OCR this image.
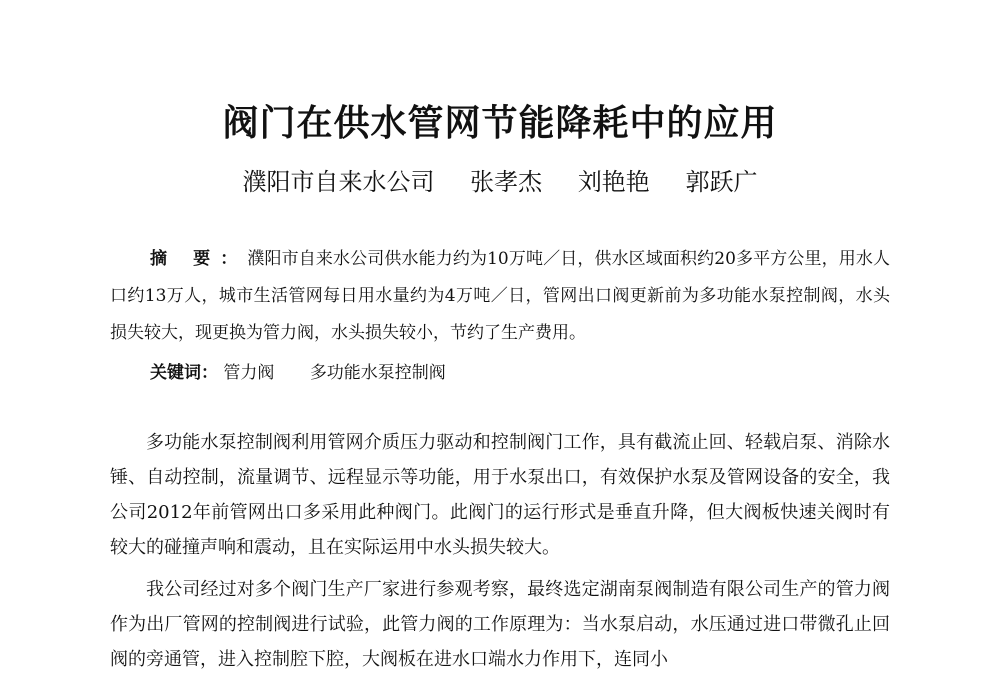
阀门在供水管网节能降耗中的应用
濮阳市自来水公司 张孝杰 刘艳艳 郭跃广
摘 要：濮阳市自来水公司供水能力约为10万吨／日，供水区域面积约20多平方公里，用水人口约13万人，城市生活管网每日用水量约为4万吨／日，管网出口阀更新前为多功能水泵控制阀，水头损失较大，现更换为管力阀，水头损失较小，节约了生产费用。
关键词： 管力阀 多功能水泵控制阀

多功能水泵控制阀利用管网介质压力驱动和控制阀门工作，具有截流止回、轻载启泵、消除水锤、自动控制，流量调节、远程显示等功能，用于水泵出口，有效保护水泵及管网设备的安全，我公司2012年前管网出口多采用此种阀门。此阀门的运行形式是垂直升降，但大阀板快速关阀时有较大的碰撞声响和震动，且在实际运用中水头损失较大。

我公司经过对多个阀门生产厂家进行参观考察，最终选定湖南泵阀制造有限公司生产的管力阀作为出厂管网的控制阀进行试验，此管力阀的工作原理为：当水泵启动，水压通过进口带微孔止回阀的旁通管，进入控制腔下腔，大阀板在进水口端水力作用下，连同小
